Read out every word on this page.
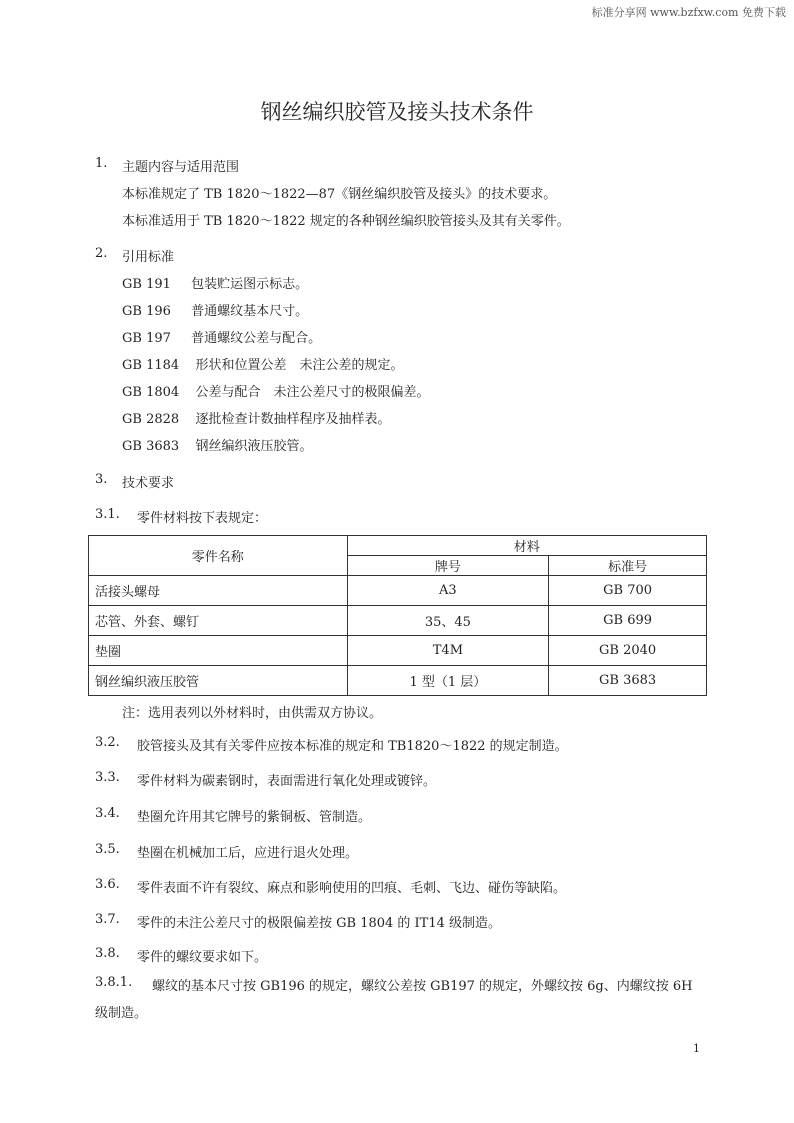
标准分享网 www.bzfxw.com 免费下载
钢丝编织胶管及接头技术条件
1. 主题内容与适用范围
本标准规定了 TB 1820～1822—87《钢丝编织胶管及接头》的技术要求。
本标准适用于 TB 1820～1822 规定的各种钢丝编织胶管接头及其有关零件。
2. 引用标准
GB 191 包装贮运图示标志。
GB 196 普通螺纹基本尺寸。
GB 197 普通螺纹公差与配合。
GB 1184 形状和位置公差　未注公差的规定。
GB 1804 公差与配合　未注公差尺寸的极限偏差。
GB 2828 逐批检查计数抽样程序及抽样表。
GB 3683 钢丝编织液压胶管。
3. 技术要求
3.1. 零件材料按下表规定：
零件名称	材料	
	牌号	标准号
活接头螺母	A3	GB 700
芯管、外套、螺钉	35、45	GB 699
垫圈	T4M	GB 2040
钢丝编织液压胶管	1 型（1 层）	GB 3683
注：选用表列以外材料时，由供需双方协议。
3.2. 胶管接头及其有关零件应按本标准的规定和 TB1820～1822 的规定制造。
3.3. 零件材料为碳素钢时，表面需进行氧化处理或镀锌。
3.4. 垫圈允许用其它牌号的紫铜板、管制造。
3.5. 垫圈在机械加工后，应进行退火处理。
3.6. 零件表面不许有裂纹、麻点和影响使用的凹痕、毛刺、飞边、碰伤等缺陷。
3.7. 零件的未注公差尺寸的极限偏差按 GB 1804 的 IT14 级制造。
3.8. 零件的螺纹要求如下。
3.8.1. 螺纹的基本尺寸按 GB196 的规定，螺纹公差按 GB197 的规定，外螺纹按 6g、内螺纹按 6H
级制造。
1
